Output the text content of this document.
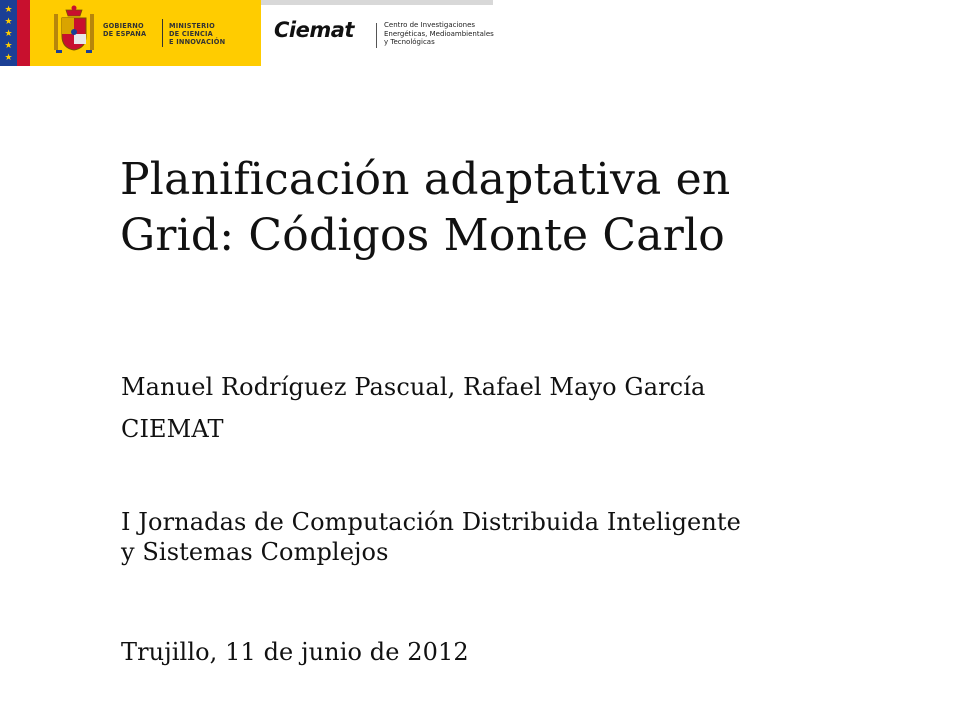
★
★
★
★
★
GOBIERNO
DE ESPAÑA
MINISTERIO
DE CIENCIA
E INNOVACIÓN	Ciemat	Centro de Investigaciones
Energéticas, Medioambientales
y Tecnológicas
Planificación adaptativa en
Grid: Códigos Monte Carlo

Manuel Rodríguez Pascual, Rafael Mayo García

CIEMAT

I Jornadas de Computación Distribuida Inteligente
y Sistemas Complejos

Trujillo, 11 de junio de 2012
